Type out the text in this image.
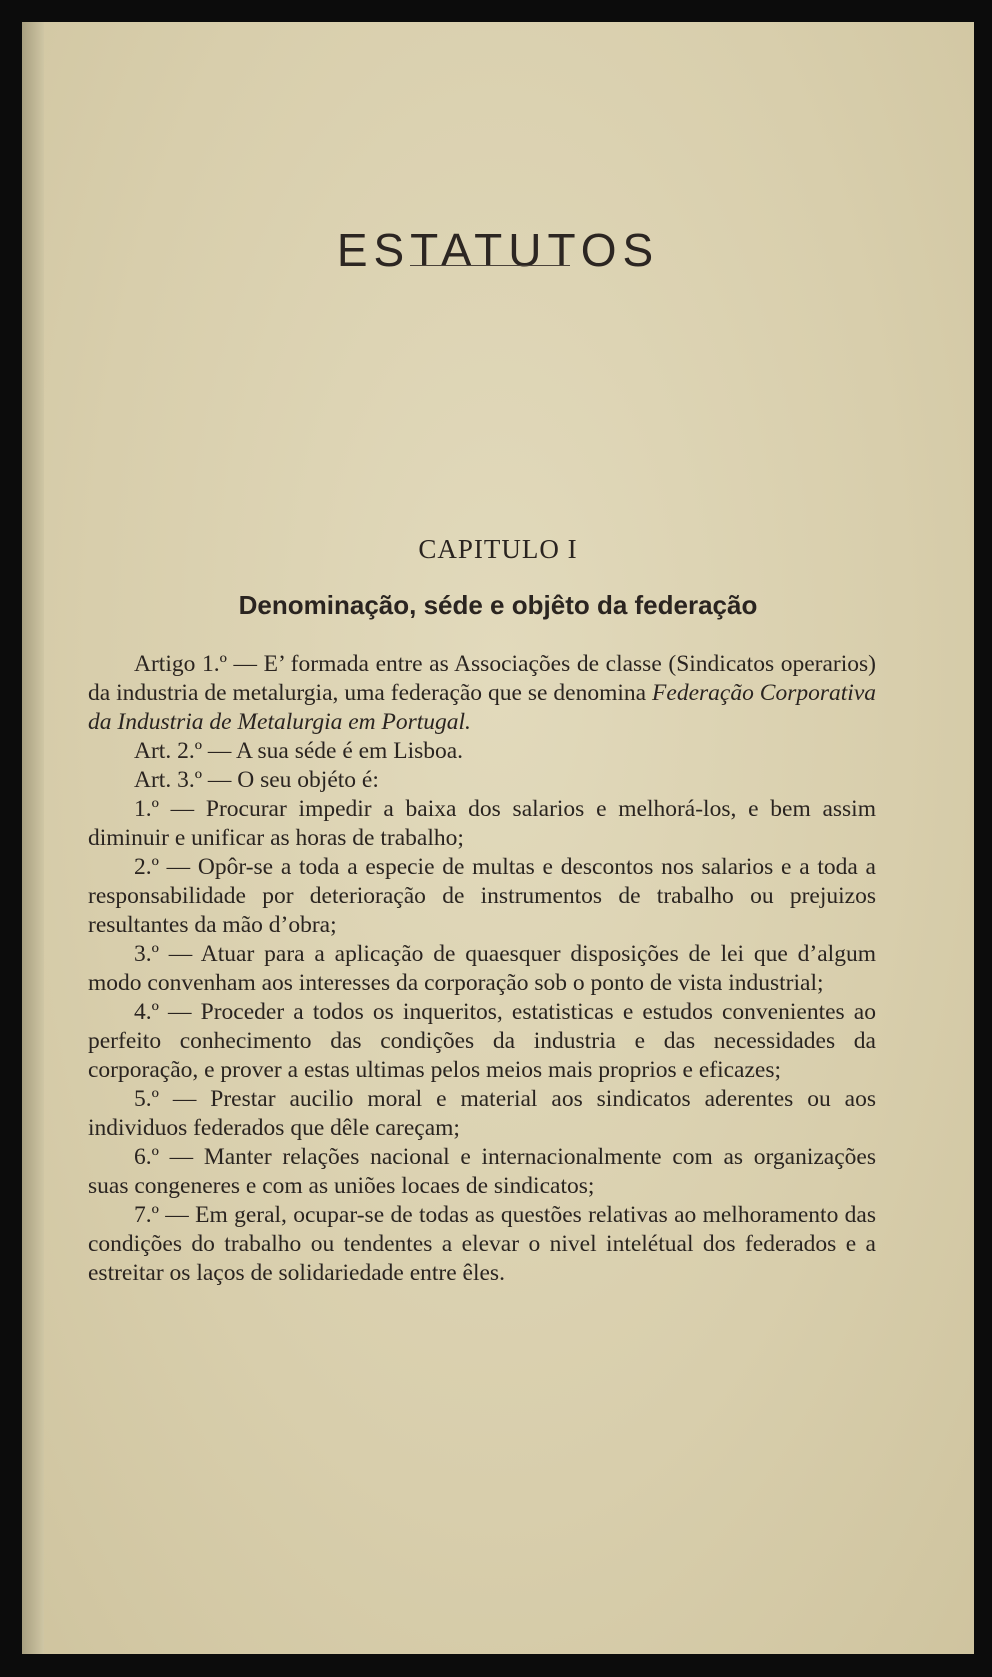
ESTATUTOS
CAPITULO I
Denominação, séde e objêto da federação

Artigo 1.º — E’ formada entre as Associações de classe (Sindicatos operarios) da industria de metalurgia, uma federação que se denomina Federação Corporativa da Industria de Metalurgia em Portugal.

Art. 2.º — A sua séde é em Lisboa.

Art. 3.º — O seu objéto é:

1.º — Procurar impedir a baixa dos salarios e melhorá-los, e bem assim diminuir e unificar as horas de trabalho;

2.º — Opôr-se a toda a especie de multas e descontos nos salarios e a toda a responsabilidade por deterioração de instrumentos de trabalho ou prejuizos resultantes da mão d’obra;

3.º — Atuar para a aplicação de quaesquer disposições de lei que d’algum modo convenham aos interesses da corporação sob o ponto de vista industrial;

4.º — Proceder a todos os inqueritos, estatisticas e estudos convenientes ao perfeito conhecimento das condições da industria e das necessidades da corporação, e prover a estas ultimas pelos meios mais proprios e eficazes;

5.º — Prestar aucilio moral e material aos sindicatos aderentes ou aos individuos federados que dêle careçam;

6.º — Manter relações nacional e internacionalmente com as organizações suas congeneres e com as uniões locaes de sindicatos;

7.º — Em geral, ocupar-se de todas as questões relativas ao melhoramento das condições do trabalho ou tendentes a elevar o nivel intelétual dos federados e a estreitar os laços de solidariedade entre êles.
